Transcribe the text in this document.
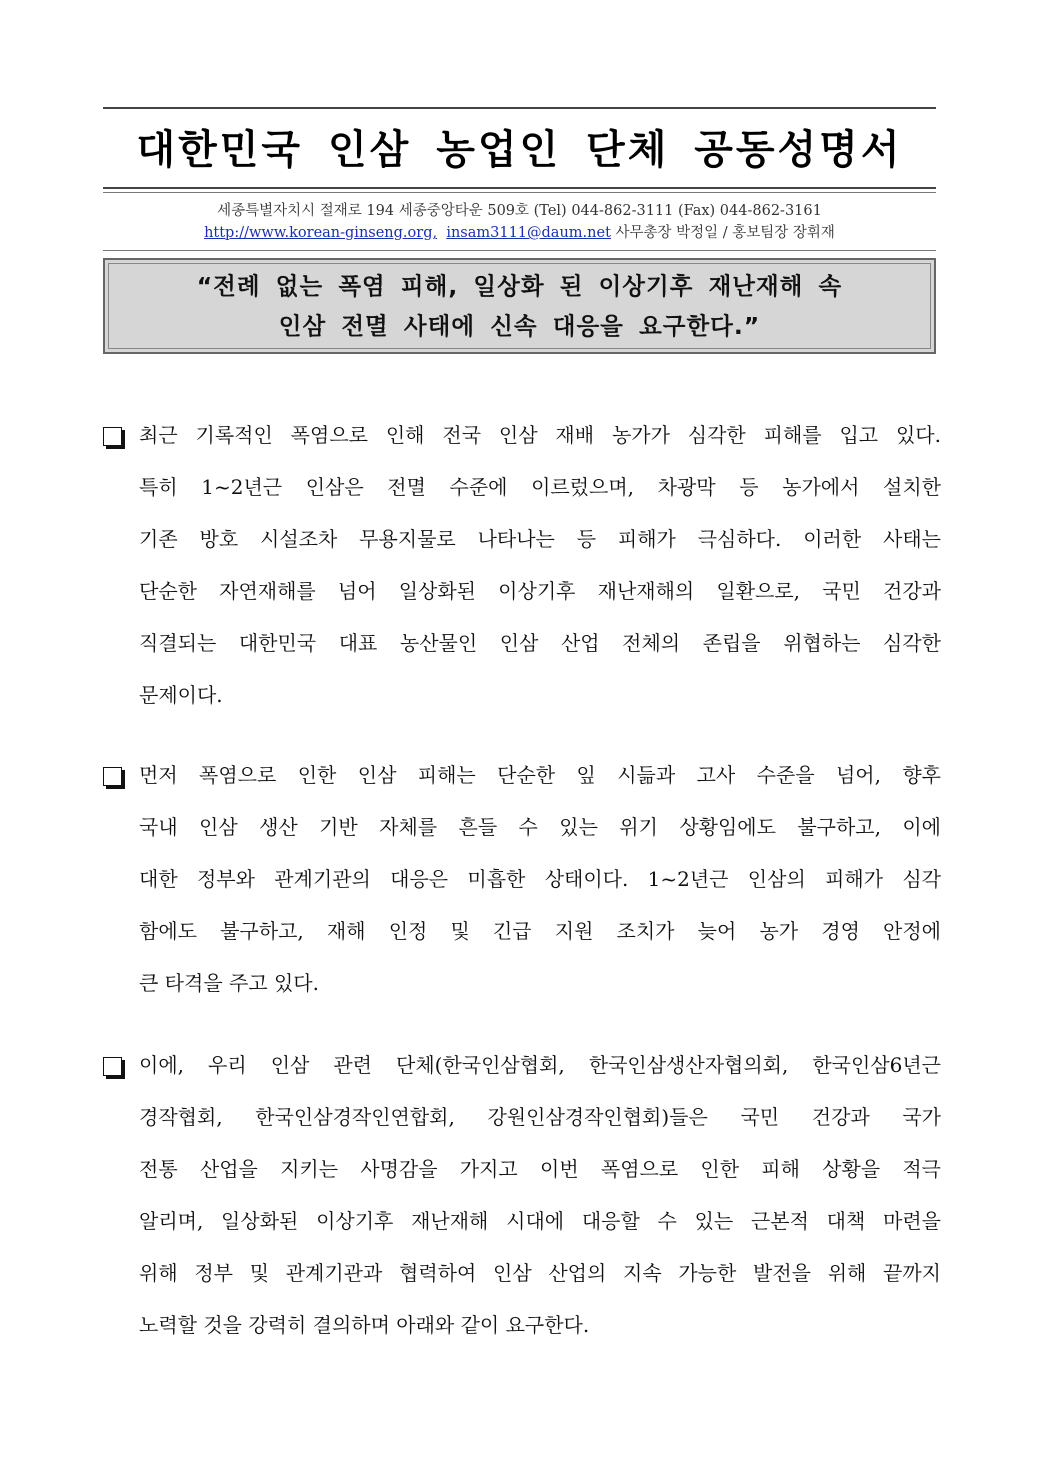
대한민국 인삼 농업인 단체 공동성명서
세종특별자치시 절재로 194 세종중앙타운 509호 (Tel) 044-862-3111 (Fax) 044-862-3161
http://www.korean-ginseng.org, insam3111@daum.net 사무총장 박정일 / 홍보팀장 장휘재
“전례 없는 폭염 피해, 일상화 된 이상기후 재난재해 속
인삼 전멸 사태에 신속 대응을 요구한다.”
최근 기록적인 폭염으로 인해 전국 인삼 재배 농가가 심각한 피해를 입고 있다.
특히 1~2년근 인삼은 전멸 수준에 이르렀으며, 차광막 등 농가에서 설치한
기존 방호 시설조차 무용지물로 나타나는 등 피해가 극심하다. 이러한 사태는
단순한 자연재해를 넘어 일상화된 이상기후 재난재해의 일환으로, 국민 건강과
직결되는 대한민국 대표 농산물인 인삼 산업 전체의 존립을 위협하는 심각한
문제이다.
먼저 폭염으로 인한 인삼 피해는 단순한 잎 시듦과 고사 수준을 넘어, 향후
국내 인삼 생산 기반 자체를 흔들 수 있는 위기 상황임에도 불구하고, 이에
대한 정부와 관계기관의 대응은 미흡한 상태이다. 1~2년근 인삼의 피해가 심각
함에도 불구하고, 재해 인정 및 긴급 지원 조치가 늦어 농가 경영 안정에
큰 타격을 주고 있다.
이에, 우리 인삼 관련 단체(한국인삼협회, 한국인삼생산자협의회, 한국인삼6년근
경작협회, 한국인삼경작인연합회, 강원인삼경작인협회)들은 국민 건강과 국가
전통 산업을 지키는 사명감을 가지고 이번 폭염으로 인한 피해 상황을 적극
알리며, 일상화된 이상기후 재난재해 시대에 대응할 수 있는 근본적 대책 마련을
위해 정부 및 관계기관과 협력하여 인삼 산업의 지속 가능한 발전을 위해 끝까지
노력할 것을 강력히 결의하며 아래와 같이 요구한다.
